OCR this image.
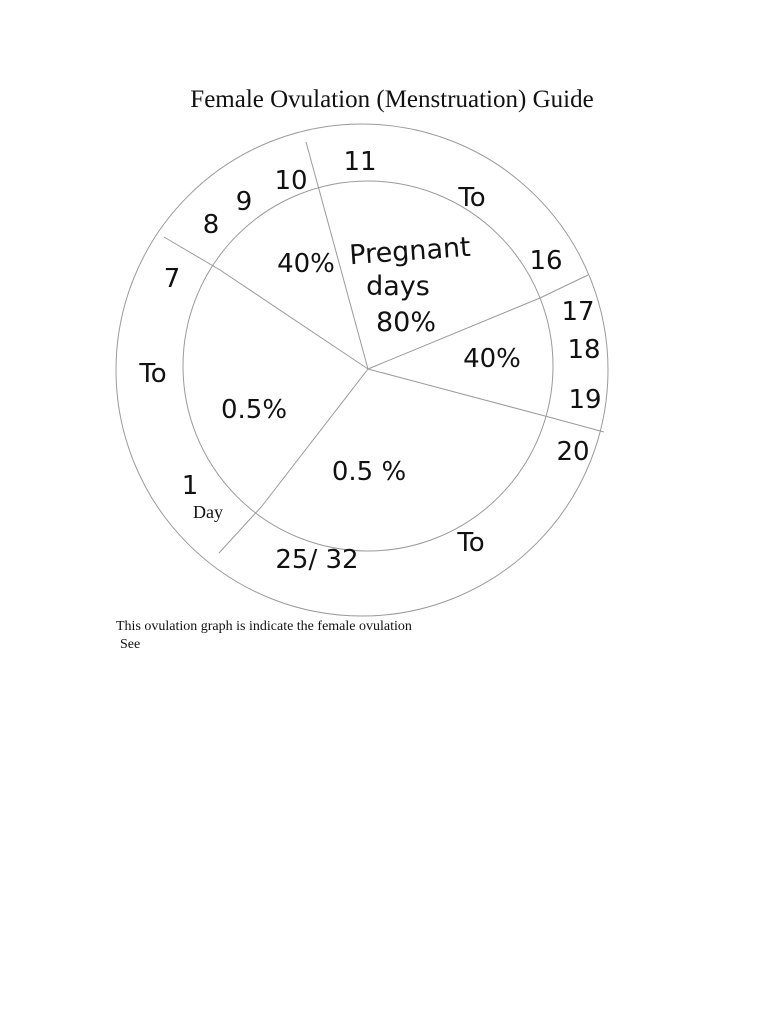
Female Ovulation (Menstruation) Guide
Pregnant
days
80%
40%
40%
0.5%
0.5 %
11
To
16
10
9
8
7
To
1
Day
17
18
19
20
To
25/ 32
This ovulation graph is indicate the female ovulation
See
